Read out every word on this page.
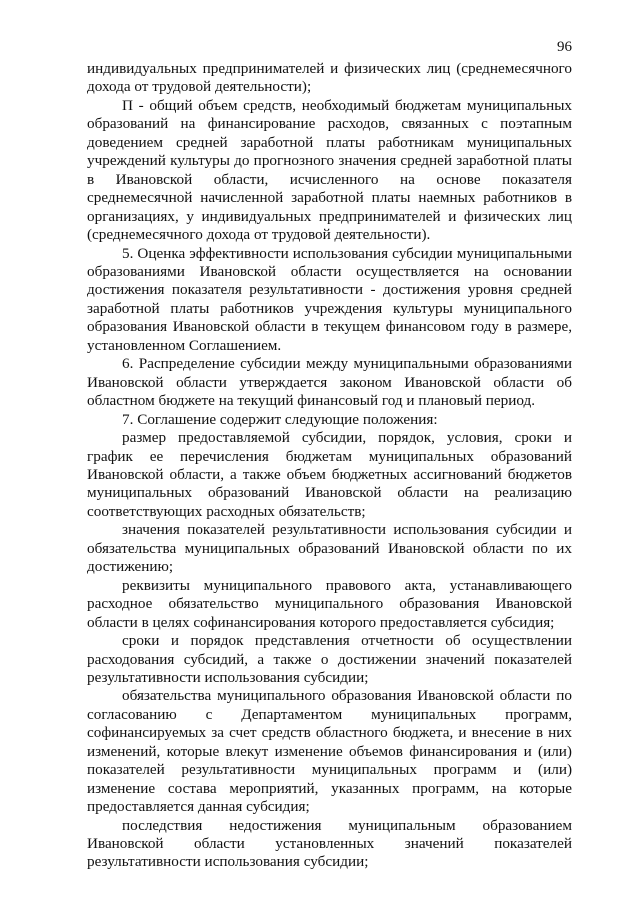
96

индивидуальных предпринимателей и физических лиц (среднемесячного дохода от трудовой деятельности);

П - общий объем средств, необходимый бюджетам муниципальных образований на финансирование расходов, связанных с поэтапным доведением средней заработной платы работникам муниципальных учреждений культуры до прогнозного значения средней заработной платы в Ивановской области, исчисленного на основе показателя среднемесячной начисленной заработной платы наемных работников в организациях, у индивидуальных предпринимателей и физических лиц (среднемесячного дохода от трудовой деятельности).

5. Оценка эффективности использования субсидии муниципальными образованиями Ивановской области осуществляется на основании достижения показателя результативности - достижения уровня средней заработной платы работников учреждения культуры муниципального образования Ивановской области в текущем финансовом году в размере, установленном Соглашением.

6. Распределение субсидии между муниципальными образованиями Ивановской области утверждается законом Ивановской области об областном бюджете на текущий финансовый год и плановый период.

7. Соглашение содержит следующие положения:

размер предоставляемой субсидии, порядок, условия, сроки и график ее перечисления бюджетам муниципальных образований Ивановской области, а также объем бюджетных ассигнований бюджетов муниципальных образований Ивановской области на реализацию соответствующих расходных обязательств;

значения показателей результативности использования субсидии и обязательства муниципальных образований Ивановской области по их достижению;

реквизиты муниципального правового акта, устанавливающего расходное обязательство муниципального образования Ивановской области в целях софинансирования которого предоставляется субсидия;

сроки и порядок представления отчетности об осуществлении расходования субсидий, а также о достижении значений показателей результативности использования субсидии;

обязательства муниципального образования Ивановской области по согласованию с Департаментом муниципальных программ, софинансируемых за счет средств областного бюджета, и внесение в них изменений, которые влекут изменение объемов финансирования и (или) показателей результативности муниципальных программ и (или) изменение состава мероприятий, указанных программ, на которые предоставляется данная субсидия;

последствия недостижения муниципальным образованием Ивановской области установленных значений показателей результативности использования субсидии;
